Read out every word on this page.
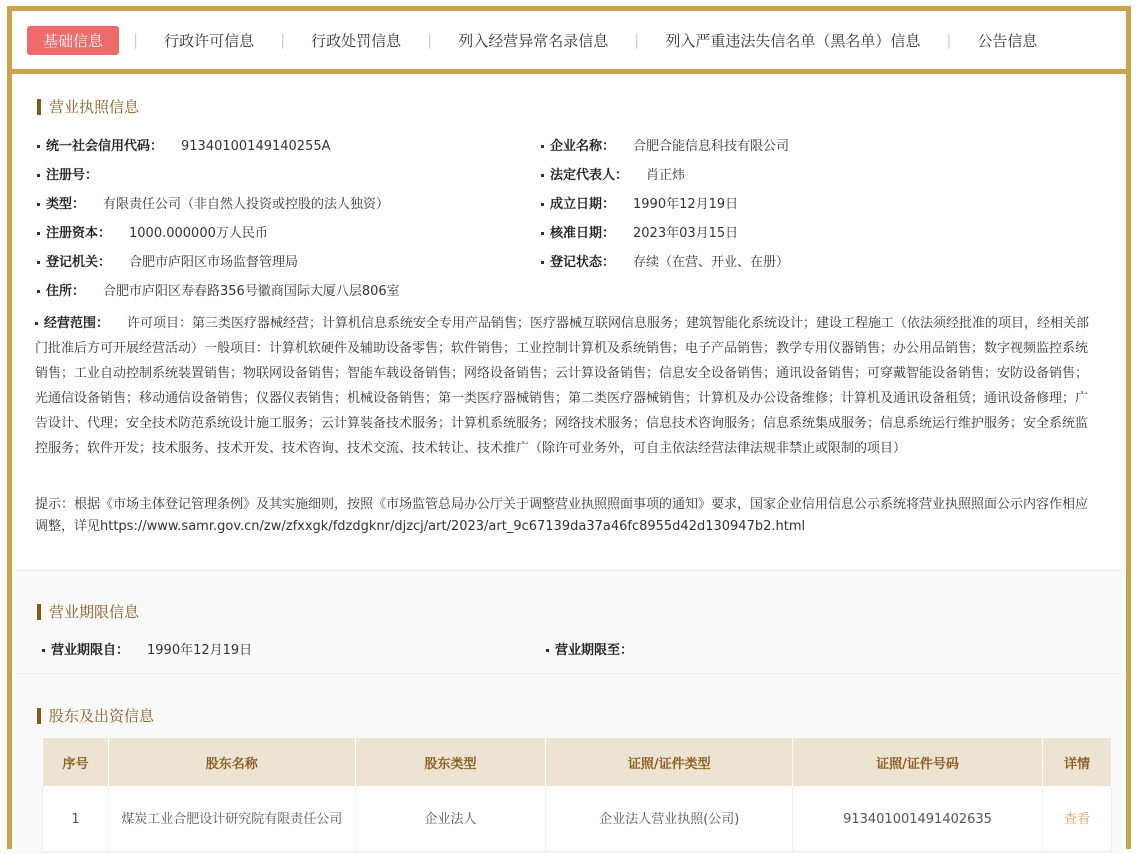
基础信息	| 行政许可信息 | 行政处罚信息 | 列入经营异常名录信息 | 列入严重违法失信名单（黑名单）信息 | 公告信息
营业执照信息
统一社会信用代码： 91340100149140255A	企业名称： 合肥合能信息科技有限公司
注册号：	法定代表人： 肖正炜
类型： 有限责任公司（非自然人投资或控股的法人独资）	成立日期： 1990年12月19日
注册资本： 1000.000000万人民币	核准日期： 2023年03月15日
登记机关： 合肥市庐阳区市场监督管理局	登记状态： 存续（在营、开业、在册）
住所： 合肥市庐阳区寿春路356号徽商国际大厦八层806室
经营范围： 许可项目：第三类医疗器械经营；计算机信息系统安全专用产品销售；医疗器械互联网信息服务；建筑智能化系统设计；建设工程施工（依法须经批准的项目，经相关部门批准后方可开展经营活动）一般项目：计算机软硬件及辅助设备零售；软件销售；工业控制计算机及系统销售；电子产品销售；教学专用仪器销售；办公用品销售；数字视频监控系统销售；工业自动控制系统装置销售；物联网设备销售；智能车载设备销售；网络设备销售；云计算设备销售；信息安全设备销售；通讯设备销售；可穿戴智能设备销售；安防设备销售；光通信设备销售；移动通信设备销售；仪器仪表销售；机械设备销售；第一类医疗器械销售；第二类医疗器械销售；计算机及办公设备维修；计算机及通讯设备租赁；通讯设备修理；广告设计、代理；安全技术防范系统设计施工服务；云计算装备技术服务；计算机系统服务；网络技术服务；信息技术咨询服务；信息系统集成服务；信息系统运行维护服务；安全系统监控服务；软件开发；技术服务、技术开发、技术咨询、技术交流、技术转让、技术推广（除许可业务外，可自主依法经营法律法规非禁止或限制的项目）
提示：根据《市场主体登记管理条例》及其实施细则，按照《市场监管总局办公厅关于调整营业执照照面事项的通知》要求，国家企业信用信息公示系统将营业执照照面公示内容作相应调整，详见https://www.samr.gov.cn/zw/zfxxgk/fdzdgknr/djzcj/art/2023/art_9c67139da37a46fc8955d42d130947b2.html
营业期限信息
营业期限自： 1990年12月19日	营业期限至：
股东及出资信息
序号	股东名称	股东类型	证照/证件类型	证照/证件号码	详情
1	煤炭工业合肥设计研究院有限责任公司	企业法人	企业法人营业执照(公司)	913401001491402635	查看
